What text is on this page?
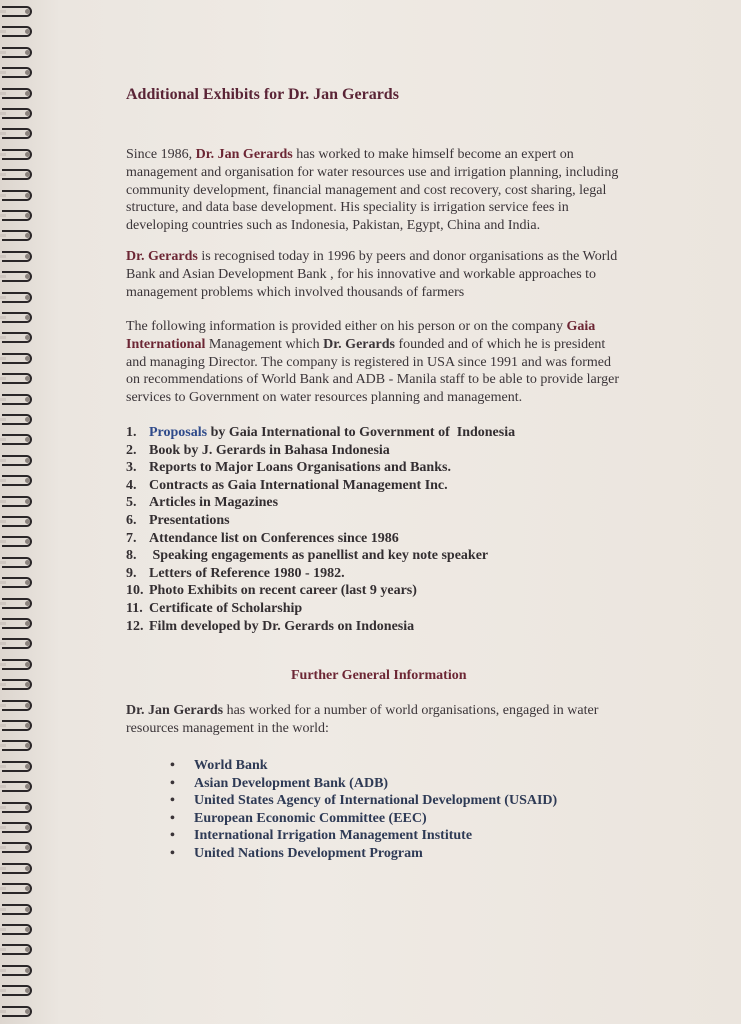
Additional Exhibits for Dr. Jan Gerards

Since 1986, Dr. Jan Gerards has worked to make himself become an expert on management and organisation for water resources use and irrigation planning, including community development, financial management and cost recovery, cost sharing, legal structure, and data base development. His speciality is irrigation service fees in developing countries such as Indonesia, Pakistan, Egypt, China and India.

Dr. Gerards is recognised today in 1996 by peers and donor organisations as the World Bank and Asian Development Bank , for his innovative and workable approaches to management problems which involved thousands of farmers

The following information is provided either on his person or on the company Gaia International Management which Dr. Gerards founded and of which he is president and managing Director. The company is registered in USA since 1991 and was formed on recommendations of World Bank and ADB - Manila staff to be able to provide larger services to Government on water resources planning and management.

1. Proposals by Gaia International to Government of  Indonesia
2. Book by J. Gerards in Bahasa Indonesia
3. Reports to Major Loans Organisations and Banks.
4. Contracts as Gaia International Management Inc.
5. Articles in Magazines
6. Presentations
7. Attendance list on Conferences since 1986
8. Speaking engagements as panellist and key note speaker
9. Letters of Reference 1980 - 1982.
10. Photo Exhibits on recent career (last 9 years)
11. Certificate of Scholarship
12. Film developed by Dr. Gerards on Indonesia
Further General Information

Dr. Jan Gerards has worked for a number of world organisations, engaged in water resources management in the world:

• World Bank
• Asian Development Bank (ADB)
• United States Agency of International Development (USAID)
• European Economic Committee (EEC)
• International Irrigation Management Institute
• United Nations Development Program
